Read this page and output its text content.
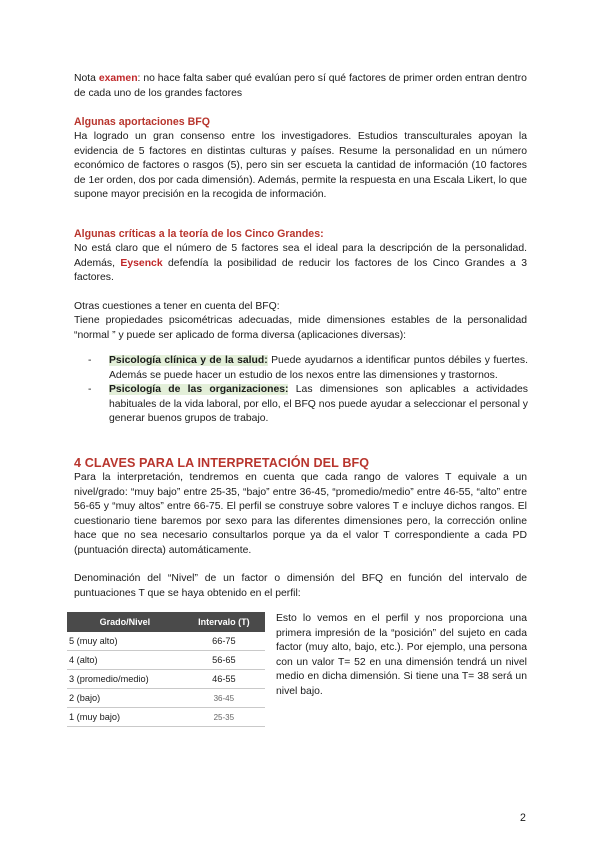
Nota examen: no hace falta saber qué evalúan pero sí qué factores de primer orden entran dentro de cada uno de los grandes factores

Algunas aportaciones BFQ

Ha logrado un gran consenso entre los investigadores. Estudios transculturales apoyan la evidencia de 5 factores en distintas culturas y países. Resume la personalidad en un número económico de factores o rasgos (5), pero sin ser escueta la cantidad de información (10 factores de 1er orden, dos por cada dimensión). Además, permite la respuesta en una Escala Likert, lo que supone mayor precisión en la recogida de información.

Algunas críticas a la teoría de los Cinco Grandes:

No está claro que el número de 5 factores sea el ideal para la descripción de la personalidad. Además, Eysenck defendía la posibilidad de reducir los factores de los Cinco Grandes a 3 factores.

Otras cuestiones a tener en cuenta del BFQ:

Tiene propiedades psicométricas adecuadas, mide dimensiones estables de la personalidad “normal ” y puede ser aplicado de forma diversa (aplicaciones diversas):

- Psicología clínica y de la salud: Puede ayudarnos a identificar puntos débiles y fuertes. Además se puede hacer un estudio de los nexos entre las dimensiones y trastornos.
- Psicología de las organizaciones: Las dimensiones son aplicables a actividades habituales de la vida laboral, por ello, el BFQ nos puede ayudar a seleccionar el personal y generar buenos grupos de trabajo.

4 CLAVES PARA LA INTERPRETACIÓN DEL BFQ

Para la interpretación, tendremos en cuenta que cada rango de valores T equivale a un nivel/grado: “muy bajo” entre 25-35, “bajo” entre 36-45, “promedio/medio” entre 46-55, “alto” entre 56-65 y “muy altos” entre 66-75. El perfil se construye sobre valores T e incluye dichos rangos. El cuestionario tiene baremos por sexo para las diferentes dimensiones pero, la corrección online hace que no sea necesario consultarlos porque ya da el valor T correspondiente a cada PD (puntuación directa) automáticamente.

Denominación del “Nivel” de un factor o dimensión del BFQ en función del intervalo de puntuaciones T que se haya obtenido en el perfil:

Grado/Nivel	Intervalo (T)
5 (muy alto)	66-75
4 (alto)	56-65
3 (promedio/medio)	46-55
2 (bajo)	36-45
1 (muy bajo)	25-35

Esto lo vemos en el perfil y nos proporciona una primera impresión de la “posición” del sujeto en cada factor (muy alto, bajo, etc.). Por ejemplo, una persona con un valor T= 52 en una dimensión tendrá un nivel medio en dicha dimensión. Si tiene una T= 38 será un nivel bajo.

2
